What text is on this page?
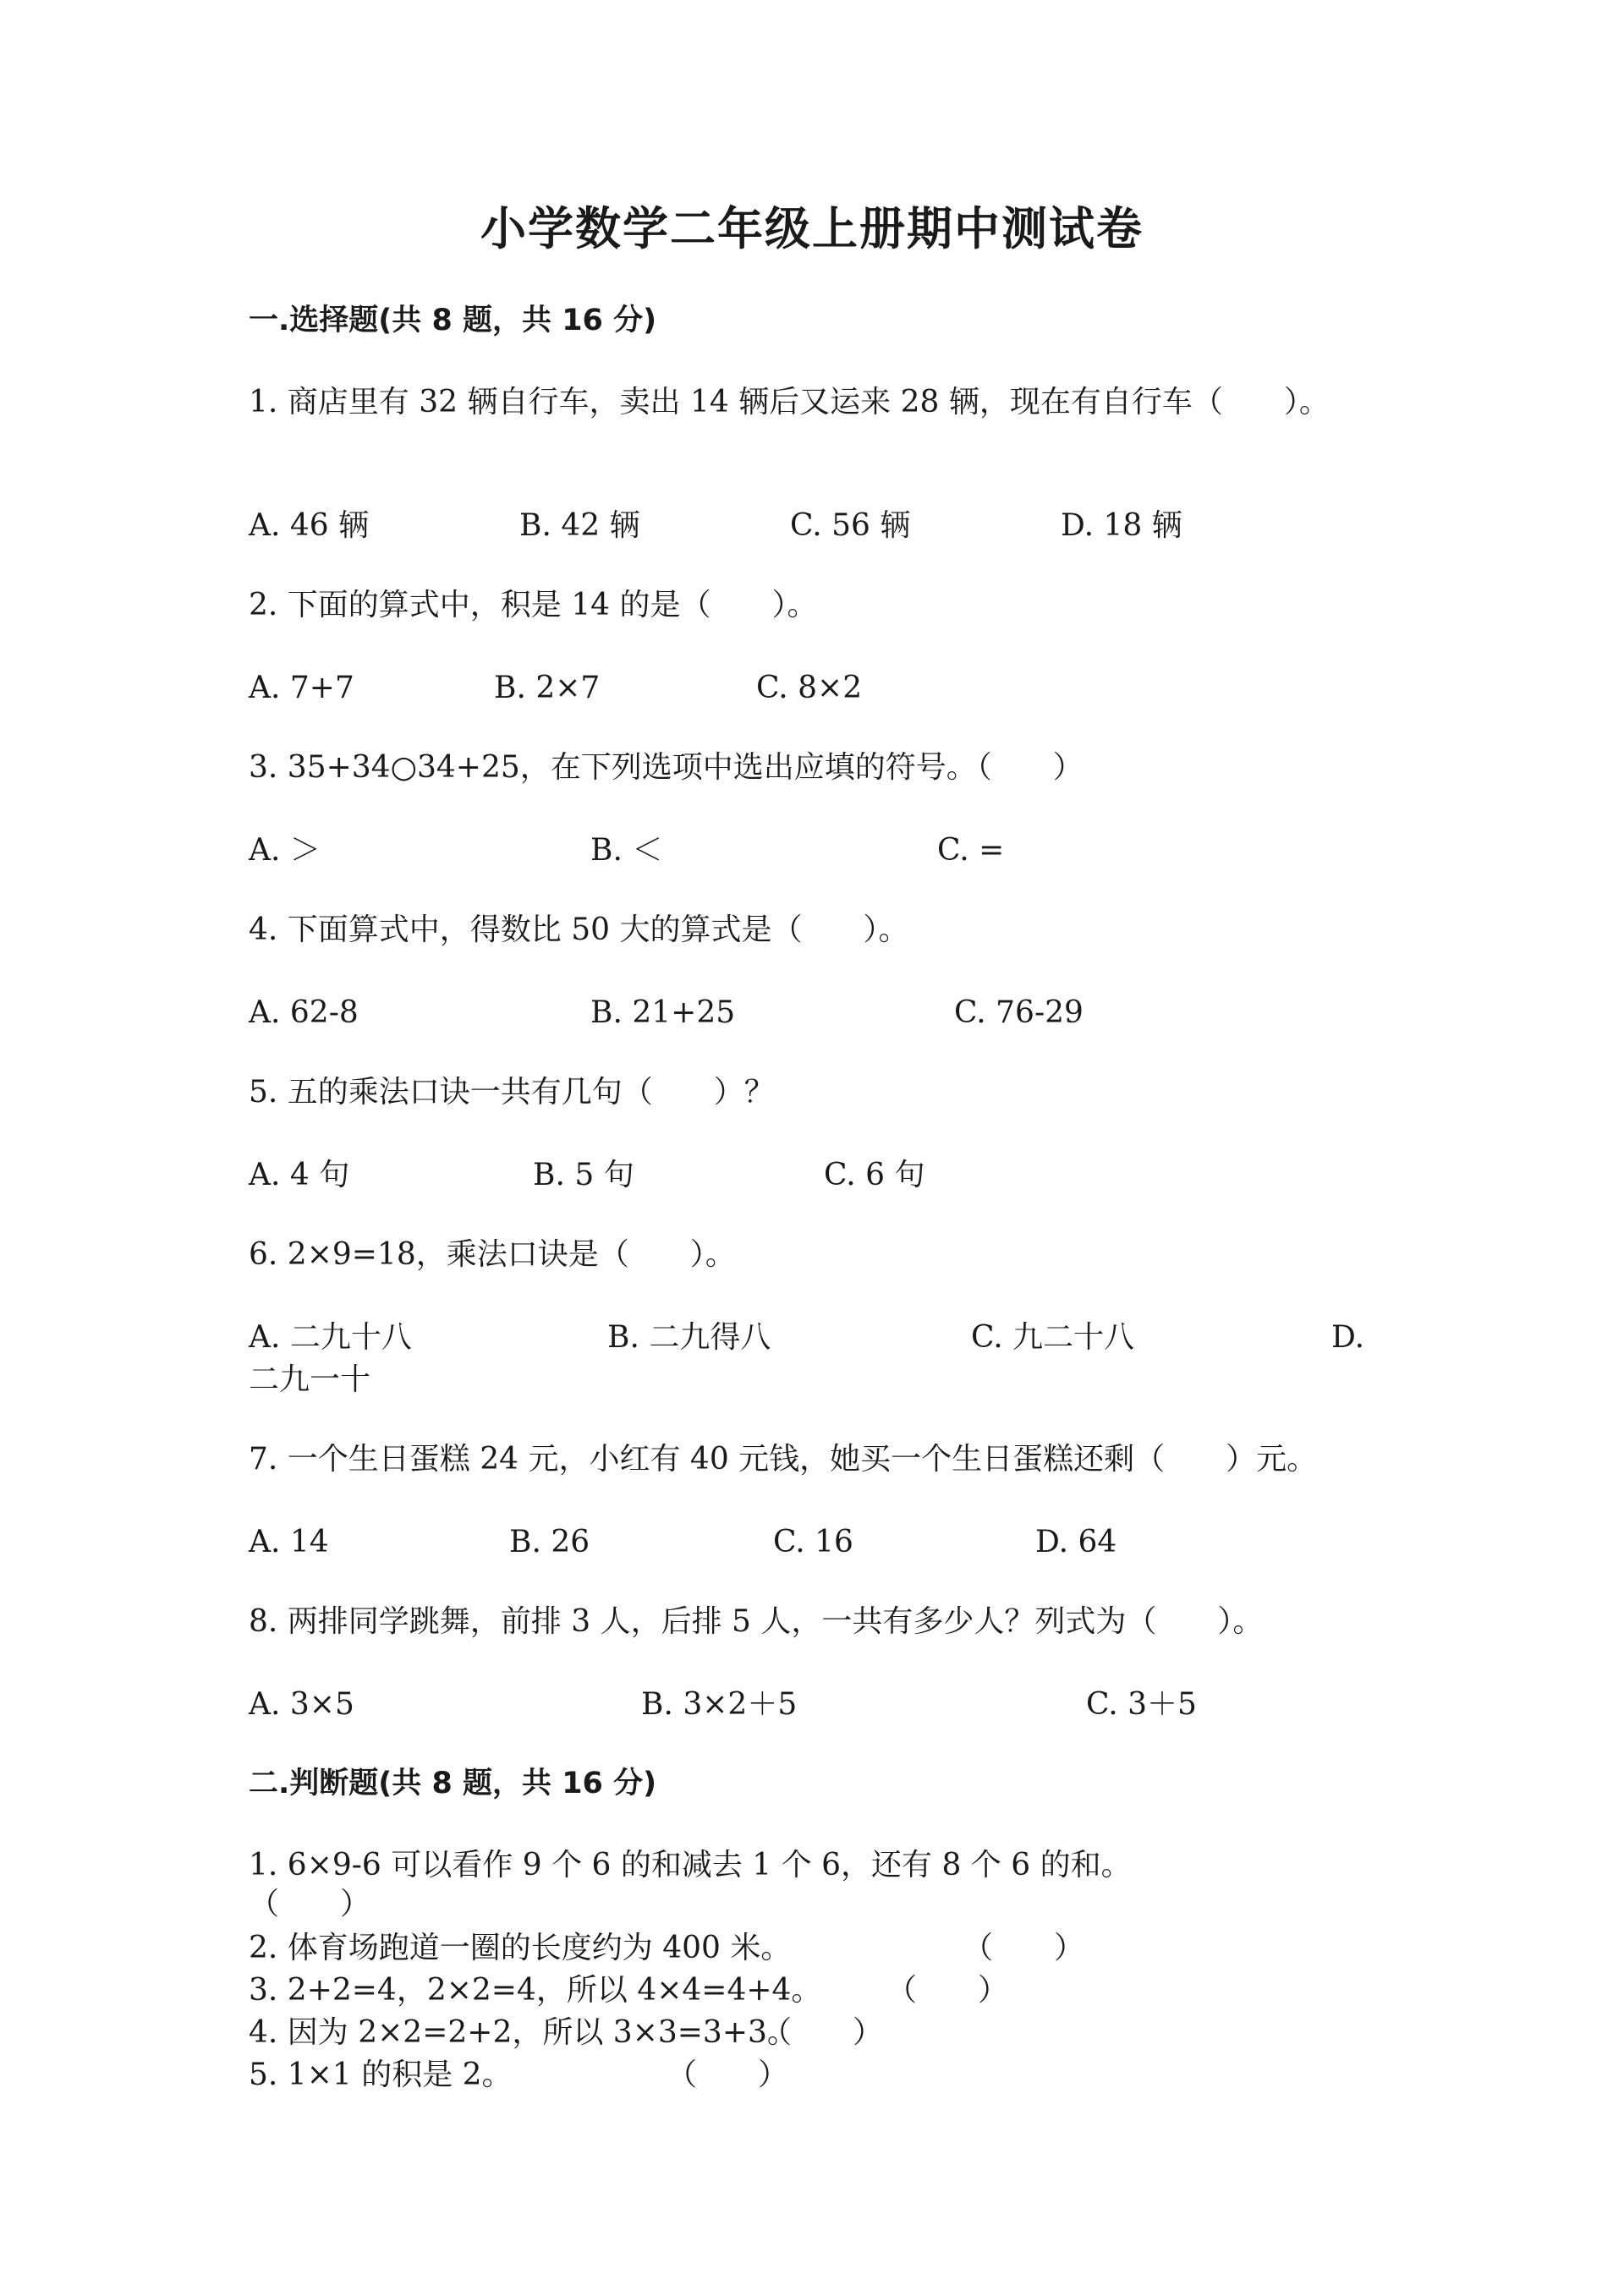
小学数学二年级上册期中测试卷
一.选择题(共 8 题，共 16 分)
1. 商店里有 32 辆自行车，卖出 14 辆后又运来 28 辆，现在有自行车（　　）。
A. 46 辆	B. 42 辆	C. 56 辆	D. 18 辆
2. 下面的算式中，积是 14 的是（　　）。
A. 7+7	B. 2×7	C. 8×2
3. 35+34○34+25，在下列选项中选出应填的符号。（　　）
A. ＞	B. ＜	C. =
4. 下面算式中，得数比 50 大的算式是（　　）。
A. 62-8	B. 21+25	C. 76-29
5. 五的乘法口诀一共有几句（　　）？
A. 4 句	B. 5 句	C. 6 句
6. 2×9=18，乘法口诀是（　　）。
A. 二九十八	B. 二九得八	C. 九二十八	D.
二九一十
7. 一个生日蛋糕 24 元，小红有 40 元钱，她买一个生日蛋糕还剩（　　）元。
A. 14	B. 26	C. 16	D. 64
8. 两排同学跳舞，前排 3 人，后排 5 人，一共有多少人？列式为（　　）。
A. 3×5	B. 3×2＋5	C. 3＋5
二.判断题(共 8 题，共 16 分)
1. 6×9-6 可以看作 9 个 6 的和减去 1 个 6，还有 8 个 6 的和。
（　　）
2. 体育场跑道一圈的长度约为 400 米。	（　　）
3. 2+2=4，2×2=4，所以 4×4=4+4。 （　　）
4. 因为 2×2=2+2，所以 3×3=3+3。
（　　）
5. 1×1 的积是 2。	（　　）
